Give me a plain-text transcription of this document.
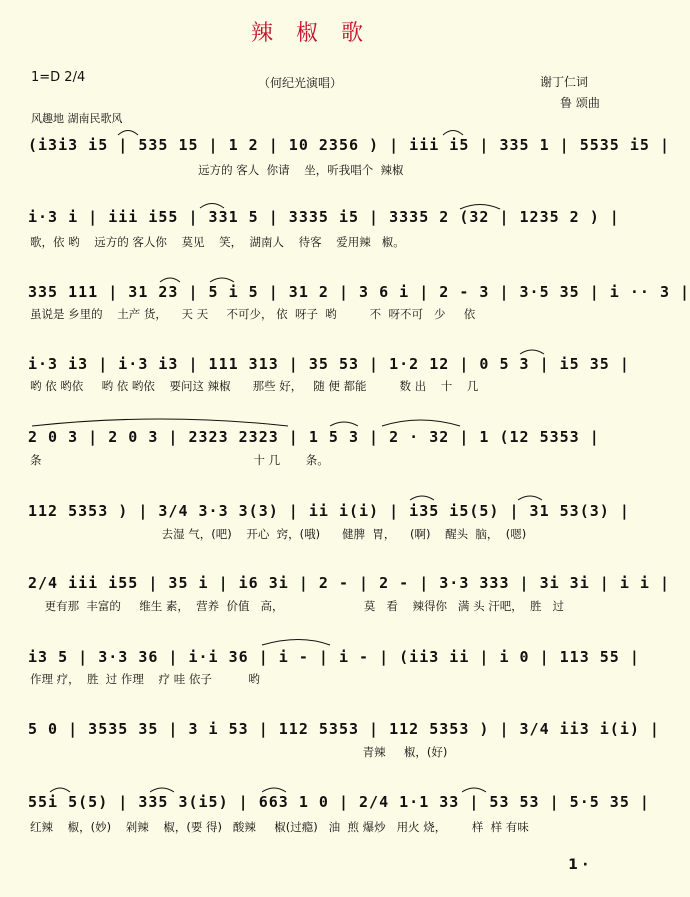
辣 椒 歌
1=D 2/4	（何纪光演唱）	谢丁仁词
鲁 颂曲
风趣地 湖南民歌风
(i3i3 i5 | 535 15 | 1 2 | 10 2356 ) | iii i5 | 335 1 | 5535 i5 |
远方的 客人  你请    坐，听我唱个  辣椒
i·3 i | iii i55 | 331 5 | 3335 i5 | 3335 2 (32 | 1235 2 ) |
歌，依 哟    远方的 客人你    莫见    笑，  湖南人    待客    爱用辣   椒。
335 111 | 31 23 | 5 i 5 | 31 2 | 3 6 i | 2 - 3 | 3·5 35 | i ·· 3 |
虽说是 乡里的    土产 货，    天 天     不可少， 依  呀子  哟         不  呀不可   少     依
i·3 i3 | i·3 i3 | 111 313 | 35 53 | 1·2 12 | 0 5 3 | i5 35 |
哟 依 哟依     哟 依 哟依    要问这 辣椒      那些 好，   随 便 都能         数 出    十    几
2 0 3 | 2 0 3 | 2323 2323 | 1 5 3 | 2 · 32 | 1 (12 5353 |
条                                                          十 几       条。
112 5353 ) | 3/4 3·3 3(3) | ii i(i) | i35 i5(5) | 31 53(3) |
去湿 气，(吧)    开心  窍，(哦)      健脾  胃，    (啊)    醒头  脑，  (嗯)
2/4 iii i55 | 35 i | i6 3i | 2 - | 2 - | 3·3 333 | 3i 3i | i i |
更有那  丰富的     维生 素，  营养  价值   高，                      莫   看    辣得你   满 头 汗吧，  胜   过
i3 5 | 3·3 36 | i·i 36 | i - | i - | (ii3 ii | i 0 | 113 55 |
作理 疗，  胜  过 作理    疗 哇 依子          哟
5 0 | 3535 35 | 3 i 53 | 112 5353 | 112 5353 ) | 3/4 ii3 i(i) |
青辣     椒，(好)
55i 5(5) | 335 3(i5) | 663 1 0 | 2/4 1·1 33 | 53 53 | 5·5 35 |
红辣    椒，(妙)    剁辣    椒，(要 得)   酸辣     椒(过瘾)   油  煎 爆炒   用火 烧，       样  样 有味
1 ·
